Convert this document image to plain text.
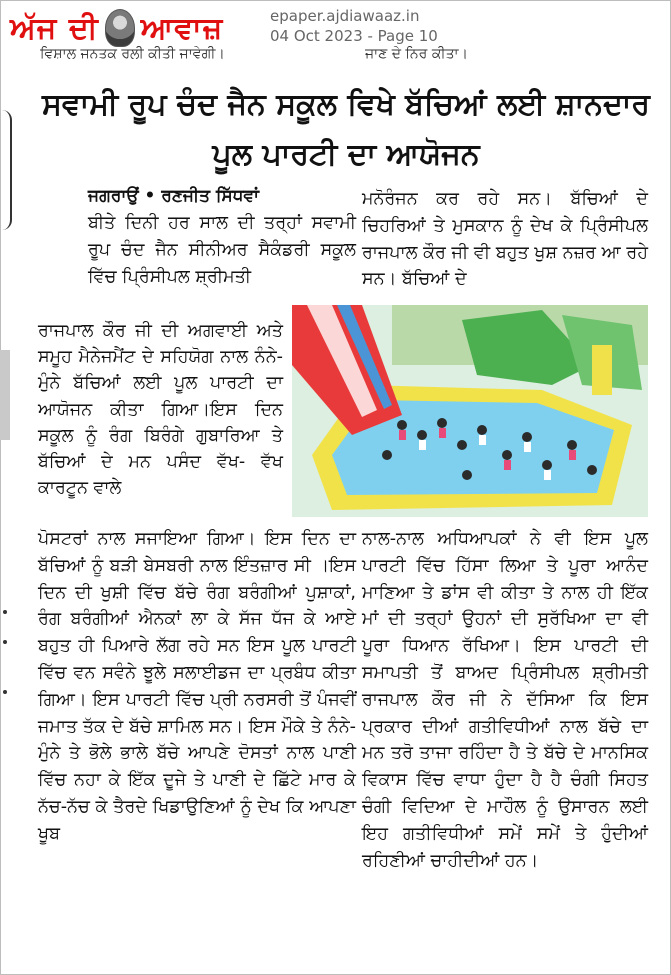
ਅੱਜ ਦੀ ਆਵਾਜ਼	epaper.ajdiawaaz.in
04 Oct 2023 - Page 10
ਵਿਸ਼ਾਲ ਜਨਤਕ ਰਲੀ ਕੀਤੀ ਜਾਵੇਗੀ।	ਜਾਣ ਦੇ ਨਿਰ ਕੀਤਾ।
ਸਵਾਮੀ ਰੂਪ ਚੰਦ ਜੈਨ ਸਕੂਲ ਵਿਖੇ ਬੱਚਿਆਂ ਲਈ ਸ਼ਾਨਦਾਰ ਪੂਲ ਪਾਰਟੀ ਦਾ ਆਯੋਜਨ
ਜਗਰਾਉਂ • ਰਣਜੀਤ ਸਿੱਧਵਾਂ

ਬੀਤੇ ਦਿਨੀ ਹਰ ਸਾਲ ਦੀ ਤਰ੍ਹਾਂ ਸਵਾਮੀ ਰੂਪ ਚੰਦ ਜੈਨ ਸੀਨੀਅਰ ਸੈਕੰਡਰੀ ਸਕੂਲ ਵਿੱਚ ਪ੍ਰਿੰਸੀਪਲ ਸ਼੍ਰੀਮਤੀ

ਰਾਜਪਾਲ ਕੌਰ ਜੀ ਦੀ ਅਗਵਾਈ ਅਤੇ ਸਮੂਹ ਮੈਨੇਜਮੈਂਟ ਦੇ ਸਹਿਯੋਗ ਨਾਲ ਨੰਨੇ-ਮੁੰਨੇ ਬੱਚਿਆਂ ਲਈ ਪੂਲ ਪਾਰਟੀ ਦਾ ਆਯੋਜਨ ਕੀਤਾ ਗਿਆ।ਇਸ ਦਿਨ ਸਕੂਲ ਨੂੰ ਰੰਗ ਬਿਰੰਗੇ ਗੁਬਾਰਿਆ ਤੇ ਬੱਚਿਆਂ ਦੇ ਮਨ ਪਸੰਦ ਵੱਖ- ਵੱਖ ਕਾਰਟੂਨ ਵਾਲੇ

ਪੋਸਟਰਾਂ ਨਾਲ ਸਜਾਇਆ ਗਿਆ। ਇਸ ਦਿਨ ਦਾ ਬੱਚਿਆਂ ਨੂੰ ਬੜੀ ਬੇਸਬਰੀ ਨਾਲ ਇੰਤਜ਼ਾਰ ਸੀ ।ਇਸ ਦਿਨ ਦੀ ਖੁਸ਼ੀ ਵਿੱਚ ਬੱਚੇ ਰੰਗ ਬਰੰਗੀਆਂ ਪੁਸ਼ਾਕਾਂ, ਰੰਗ ਬਰੰਗੀਆਂ ਐਨਕਾਂ ਲਾ ਕੇ ਸੱਜ ਧੱਜ ਕੇ ਆਏ ਬਹੁਤ ਹੀ ਪਿਆਰੇ ਲੱਗ ਰਹੇ ਸਨ ਇਸ ਪੂਲ ਪਾਰਟੀ ਵਿੱਚ ਵਨ ਸਵੰਨੇ ਝੂਲੇ ਸਲਾਈਡਜ ਦਾ ਪ੍ਰਬੰਧ ਕੀਤਾ ਗਿਆ। ਇਸ ਪਾਰਟੀ ਵਿੱਚ ਪ੍ਰੀ ਨਰਸਰੀ ਤੋਂ ਪੰਜਵੀਂ ਜਮਾਤ ਤੱਕ ਦੇ ਬੱਚੇ ਸ਼ਾਮਿਲ ਸਨ। ਇਸ ਮੌਕੇ ਤੇ ਨੰਨੇ-ਮੁੰਨੇ ਤੇ ਭੋਲੇ ਭਾਲੇ ਬੱਚੇ ਆਪਣੇ ਦੋਸਤਾਂ ਨਾਲ ਪਾਣੀ ਵਿੱਚ ਨਹਾ ਕੇ ਇੱਕ ਦੂਜੇ ਤੇ ਪਾਣੀ ਦੇ ਛਿੱਟੇ ਮਾਰ ਕੇ ਨੱਚ-ਨੱਚ ਕੇ ਤੈਰਦੇ ਖਿਡਾਉਣਿਆਂ ਨੂੰ ਦੇਖ ਕਿ ਆਪਣਾ ਖੂਬ

ਮਨੋਰੰਜਨ ਕਰ ਰਹੇ ਸਨ। ਬੱਚਿਆਂ ਦੇ ਚਿਹਰਿਆਂ ਤੇ ਮੁਸਕਾਨ ਨੂੰ ਦੇਖ ਕੇ ਪ੍ਰਿੰਸੀਪਲ ਰਾਜਪਾਲ ਕੌਰ ਜੀ ਵੀ ਬਹੁਤ ਖੁਸ਼ ਨਜ਼ਰ ਆ ਰਹੇ ਸਨ। ਬੱਚਿਆਂ ਦੇ

ਨਾਲ-ਨਾਲ ਅਧਿਆਪਕਾਂ ਨੇ ਵੀ ਇਸ ਪੂਲ ਪਾਰਟੀ ਵਿੱਚ ਹਿੱਸਾ ਲਿਆ ਤੇ ਪੂਰਾ ਆਨੰਦ ਮਾਣਿਆ ਤੇ ਡਾਂਸ ਵੀ ਕੀਤਾ ਤੇ ਨਾਲ ਹੀ ਇੱਕ ਮਾਂ ਦੀ ਤਰ੍ਹਾਂ ਉਹਨਾਂ ਦੀ ਸੁਰੱਖਿਆ ਦਾ ਵੀ ਪੂਰਾ ਧਿਆਨ ਰੱਖਿਆ। ਇਸ ਪਾਰਟੀ ਦੀ ਸਮਾਪਤੀ ਤੋਂ ਬਾਅਦ ਪ੍ਰਿੰਸੀਪਲ ਸ਼੍ਰੀਮਤੀ ਰਾਜਪਾਲ ਕੌਰ ਜੀ ਨੇ ਦੱਸਿਆ ਕਿ ਇਸ ਪ੍ਰਕਾਰ ਦੀਆਂ ਗਤੀਵਿਧੀਆਂ ਨਾਲ ਬੱਚੇ ਦਾ ਮਨ ਤਰੋ ਤਾਜਾ ਰਹਿੰਦਾ ਹੈ ਤੇ ਬੱਚੇ ਦੇ ਮਾਨਸਿਕ ਵਿਕਾਸ ਵਿੱਚ ਵਾਧਾ ਹੁੰਦਾ ਹੈ ਹੈ ਚੰਗੀ ਸਿਹਤ ਚੰਗੀ ਵਿਦਿਆ ਦੇ ਮਾਹੌਲ ਨੂੰ ਉਸਾਰਨ ਲਈ ਇਹ ਗਤੀਵਿਧੀਆਂ ਸਮੇਂ ਸਮੇਂ ਤੇ ਹੁੰਦੀਆਂ ਰਹਿਣੀਆਂ ਚਾਹੀਦੀਆਂ ਹਨ।
